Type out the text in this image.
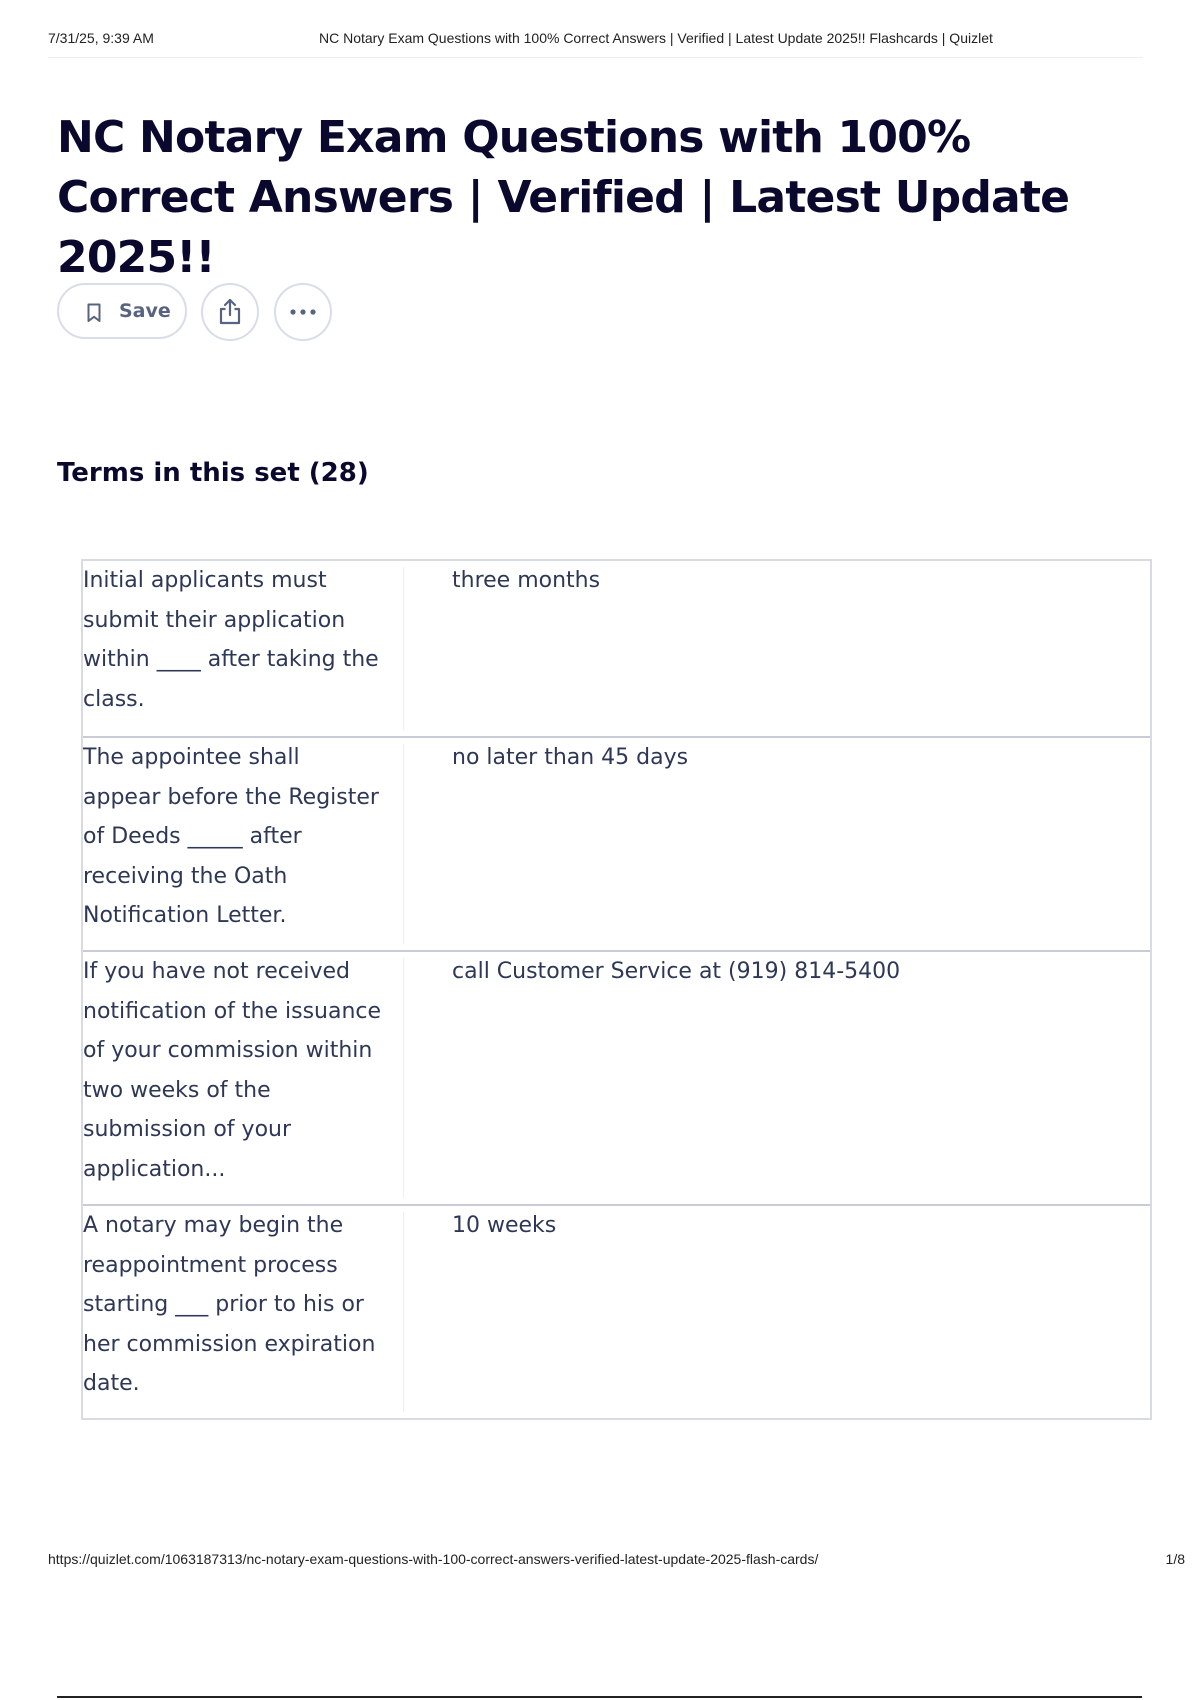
7/31/25, 9:39 AM	NC Notary Exam Questions with 100% Correct Answers | Verified | Latest Update 2025!! Flashcards | Quizlet
NC Notary Exam Questions with 100% Correct Answers | Verified | Latest Update 2025!!
Save
Terms in this set (28)
Initial applicants must submit their application within ____ after taking the class.
three months
The appointee shall appear before the Register of Deeds _____ after receiving the Oath Notification Letter.
no later than 45 days
If you have not received notification of the issuance of your commission within two weeks of the submission of your application...
call Customer Service at (919) 814-5400
A notary may begin the reappointment process starting ___ prior to his or her commission expiration date.
10 weeks
https://quizlet.com/1063187313/nc-notary-exam-questions-with-100-correct-answers-verified-latest-update-2025-flash-cards/	1/8
